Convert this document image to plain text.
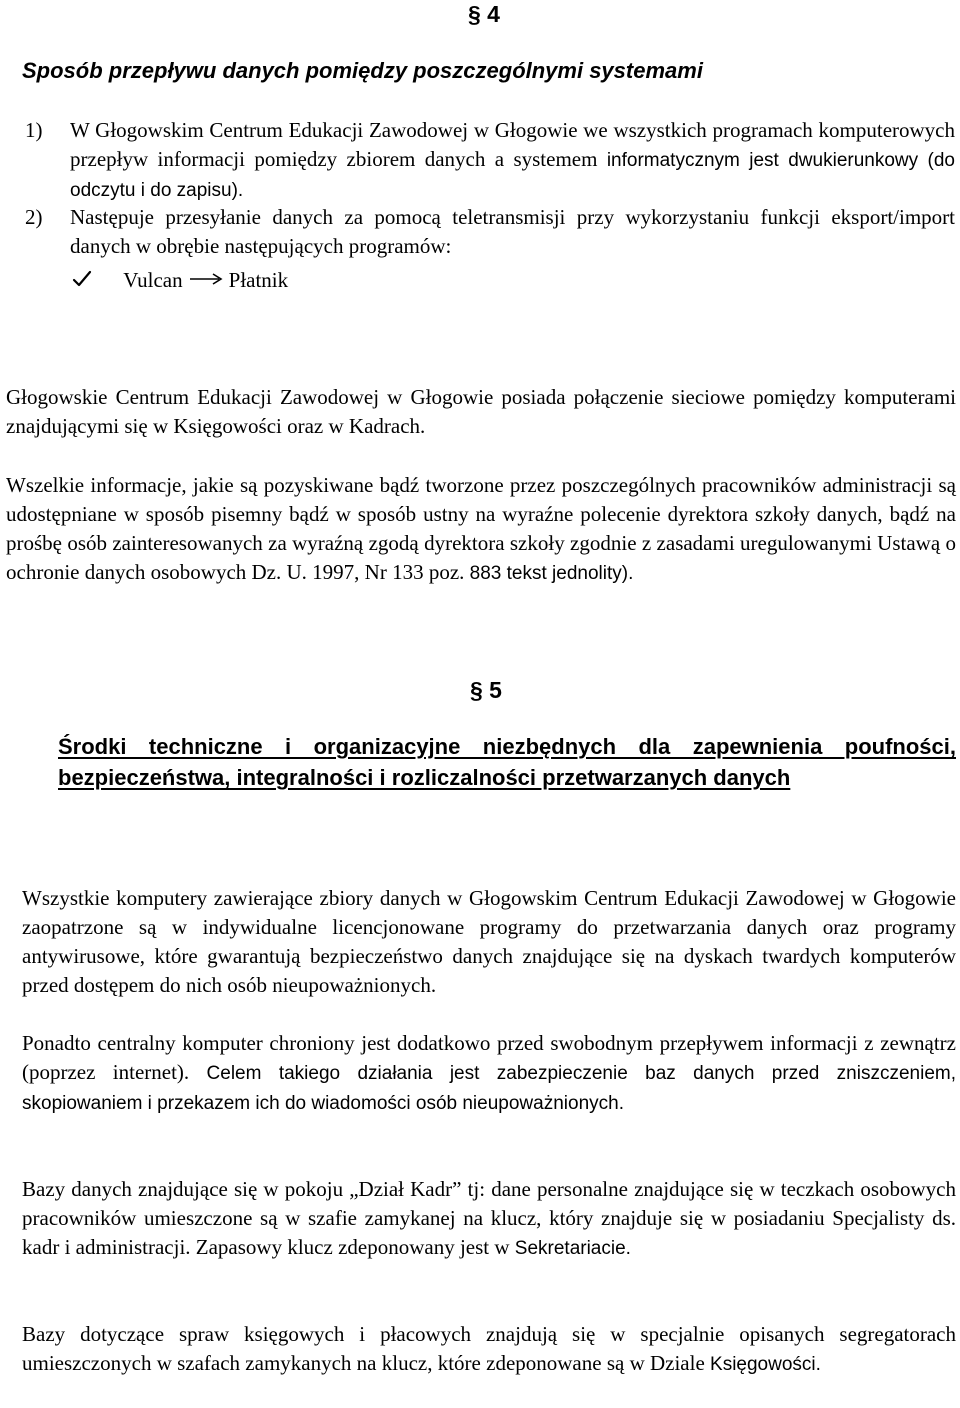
§ 4
Sposób przepływu danych pomiędzy poszczególnymi systemami
1) W Głogowskim Centrum Edukacji Zawodowej w Głogowie we wszystkich programach komputerowych przepływ informacji pomiędzy zbiorem danych a systemem informatycznym jest dwukierunkowy (do odczytu i do zapisu).
2) Następuje przesyłanie danych za pomocą teletransmisji przy wykorzystaniu funkcji eksport/import danych w obrębie następujących programów:
Vulcan Płatnik
Głogowskie Centrum Edukacji Zawodowej w Głogowie posiada połączenie sieciowe pomiędzy komputerami znajdującymi się w Księgowości oraz w Kadrach.
Wszelkie informacje, jakie są pozyskiwane bądź tworzone przez poszczególnych pracowników administracji są udostępniane w sposób pisemny bądź w sposób ustny na wyraźne polecenie dyrektora szkoły danych, bądź na prośbę osób zainteresowanych za wyraźną zgodą dyrektora szkoły zgodnie z zasadami uregulowanymi Ustawą o ochronie danych osobowych Dz. U. 1997, Nr 133 poz. 883 tekst jednolity).
§ 5
Środki techniczne i organizacyjne niezbędnych dla zapewnienia poufności, bezpieczeństwa, integralności i rozliczalności przetwarzanych danych
Wszystkie komputery zawierające zbiory danych w Głogowskim Centrum Edukacji Zawodowej w Głogowie zaopatrzone są w indywidualne licencjonowane programy do przetwarzania danych oraz programy antywirusowe, które gwarantują bezpieczeństwo danych znajdujące się na dyskach twardych komputerów przed dostępem do nich osób nieupoważnionych.
Ponadto centralny komputer chroniony jest dodatkowo przed swobodnym przepływem informacji z zewnątrz (poprzez internet). Celem takiego działania jest zabezpieczenie baz danych przed zniszczeniem, skopiowaniem i przekazem ich do wiadomości osób nieupoważnionych.
Bazy danych znajdujące się w pokoju „Dział Kadr” tj: dane personalne znajdujące się w teczkach osobowych pracowników umieszczone są w szafie zamykanej na klucz, który znajduje się w posiadaniu Specjalisty ds. kadr i administracji. Zapasowy klucz zdeponowany jest w Sekretariacie.
Bazy dotyczące spraw księgowych i płacowych znajdują się w specjalnie opisanych segregatorach umieszczonych w szafach zamykanych na klucz, które zdeponowane są w Dziale Księgowości.
